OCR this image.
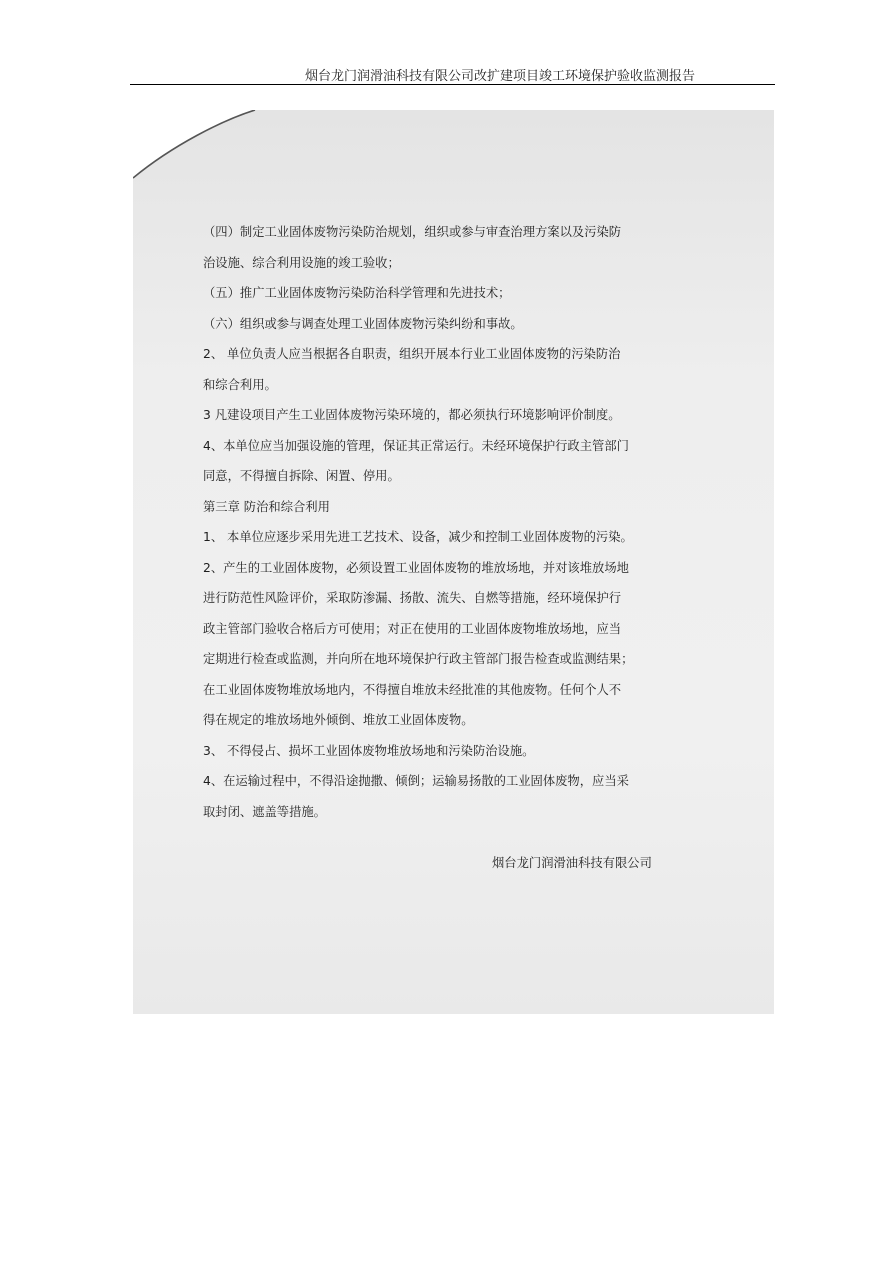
烟台龙门润滑油科技有限公司改扩建项目竣工环境保护验收监测报告
（四）制定工业固体废物污染防治规划，组织或参与审查治理方案以及污染防
治设施、综合利用设施的竣工验收；
（五）推广工业固体废物污染防治科学管理和先进技术；
（六）组织或参与调查处理工业固体废物污染纠纷和事故。
2、 单位负责人应当根据各自职责，组织开展本行业工业固体废物的污染防治
和综合利用。
3 凡建设项目产生工业固体废物污染环境的，都必须执行环境影响评价制度。
4、本单位应当加强设施的管理，保证其正常运行。未经环境保护行政主管部门
同意，不得擅自拆除、闲置、停用。
第三章 防治和综合利用
1、 本单位应逐步采用先进工艺技术、设备，减少和控制工业固体废物的污染。
2、产生的工业固体废物，必须设置工业固体废物的堆放场地，并对该堆放场地
进行防范性风险评价，采取防渗漏、扬散、流失、自燃等措施，经环境保护行
政主管部门验收合格后方可使用；对正在使用的工业固体废物堆放场地，应当
定期进行检查或监测，并向所在地环境保护行政主管部门报告检查或监测结果；
在工业固体废物堆放场地内，不得擅自堆放未经批准的其他废物。任何个人不
得在规定的堆放场地外倾倒、堆放工业固体废物。
3、 不得侵占、损坏工业固体废物堆放场地和污染防治设施。
4、在运输过程中，不得沿途抛撒、倾倒；运输易扬散的工业固体废物，应当采
取封闭、遮盖等措施。
烟台龙门润滑油科技有限公司
